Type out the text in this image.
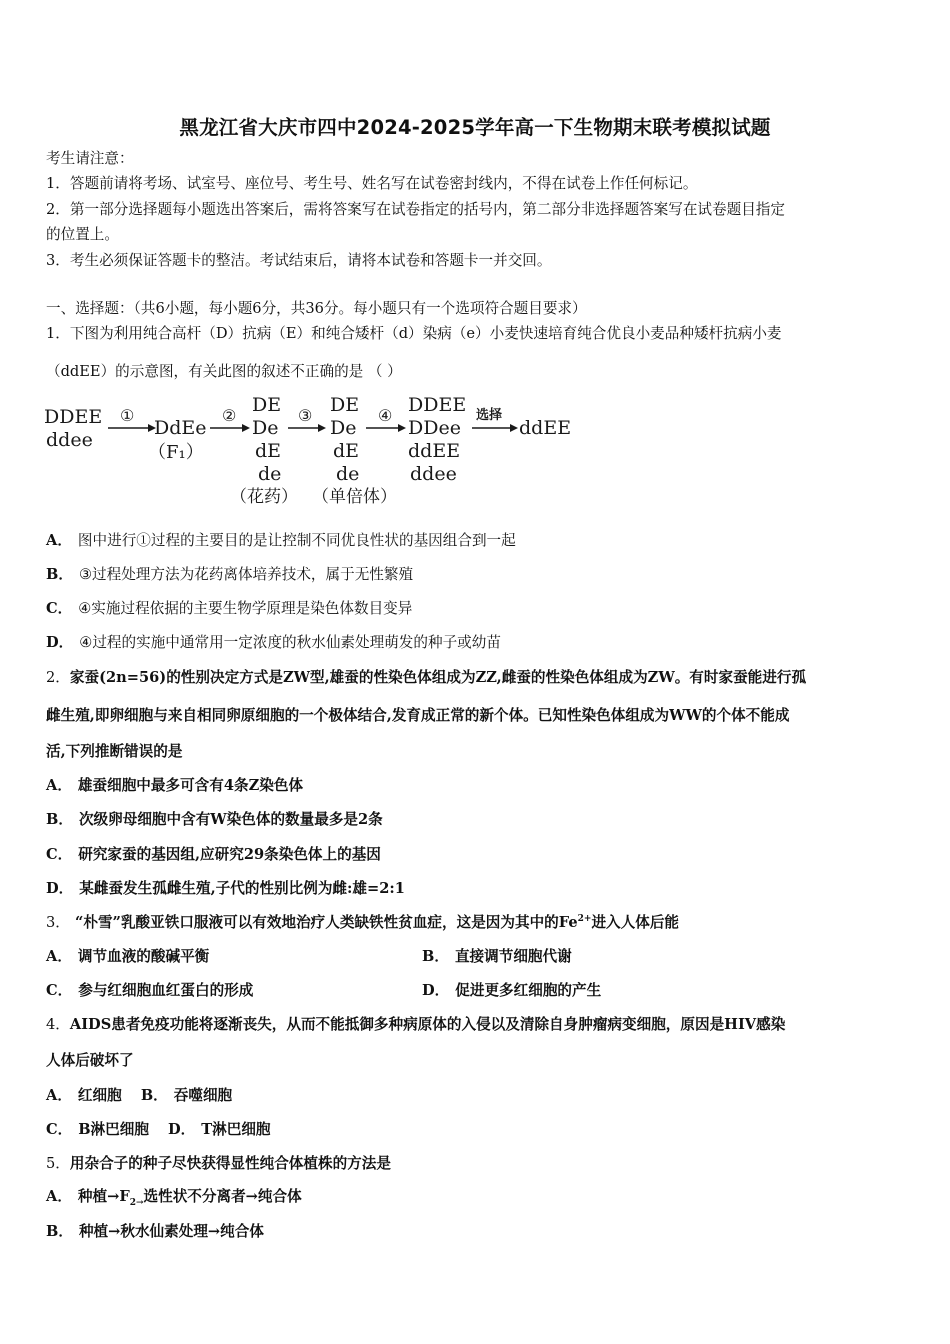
黑龙江省大庆市四中2024-2025学年高一下生物期末联考模拟试题
考生请注意：
1．答题前请将考场、试室号、座位号、考生号、姓名写在试卷密封线内，不得在试卷上作任何标记。
2．第一部分选择题每小题选出答案后，需将答案写在试卷指定的括号内，第二部分非选择题答案写在试卷题目指定
的位置上。
3．考生必须保证答题卡的整洁。考试结束后，请将本试卷和答题卡一并交回。
一、选择题：（共6小题，每小题6分，共36分。每小题只有一个选项符合题目要求）
1．下图为利用纯合高杆（D）抗病（E）和纯合矮杆（d）染病（e）小麦快速培育纯合优良小麦品种矮杆抗病小麦
（ddEE）的示意图，有关此图的叙述不正确的是 （ ）
DDEE
ddee
①
DdEe
（F₁）
② DE
De
dE
de
③ DE
De
dE
de
④ DDEE
DDee
ddEE
ddee
选择
ddEE
（花药） （单倍体）
A． 图中进行①过程的主要目的是让控制不同优良性状的基因组合到一起
B． ③过程处理方法为花药离体培养技术，属于无性繁殖
C． ④实施过程依据的主要生物学原理是染色体数目变异
D． ④过程的实施中通常用一定浓度的秋水仙素处理萌发的种子或幼苗
2．家蚕(2n=56)的性别决定方式是ZW型,雄蚕的性染色体组成为ZZ,雌蚕的性染色体组成为ZW。有时家蚕能进行孤
雌生殖,即卵细胞与来自相同卵原细胞的一个极体结合,发育成正常的新个体。已知性染色体组成为WW的个体不能成
活,下列推断错误的是
A． 雄蚕细胞中最多可含有4条Z染色体
B． 次级卵母细胞中含有W染色体的数量最多是2条
C． 研究家蚕的基因组,应研究29条染色体上的基因
D． 某雌蚕发生孤雌生殖,子代的性别比例为雌:雄=2:1
3． “朴雪”乳酸亚铁口服液可以有效地治疗人类缺铁性贫血症，这是因为其中的$Fe^{2+}$进入人体后能
A． 调节血液的酸碱平衡	B． 直接调节细胞代谢
C． 参与红细胞血红蛋白的形成	D． 促进更多红细胞的产生
4．AIDS患者免疫功能将逐渐丧失，从而不能抵御多种病原体的入侵以及清除自身肿瘤病变细胞，原因是HIV感染
人体后破坏了
A． 红细胞 B． 吞噬细胞
C． B淋巴细胞 D． T淋巴细胞
5．用杂合子的种子尽快获得显性纯合体植株的方法是
A． 种植$\to F_{2\to}$选性状不分离者→纯合体
B． 种植→秋水仙素处理→纯合体
